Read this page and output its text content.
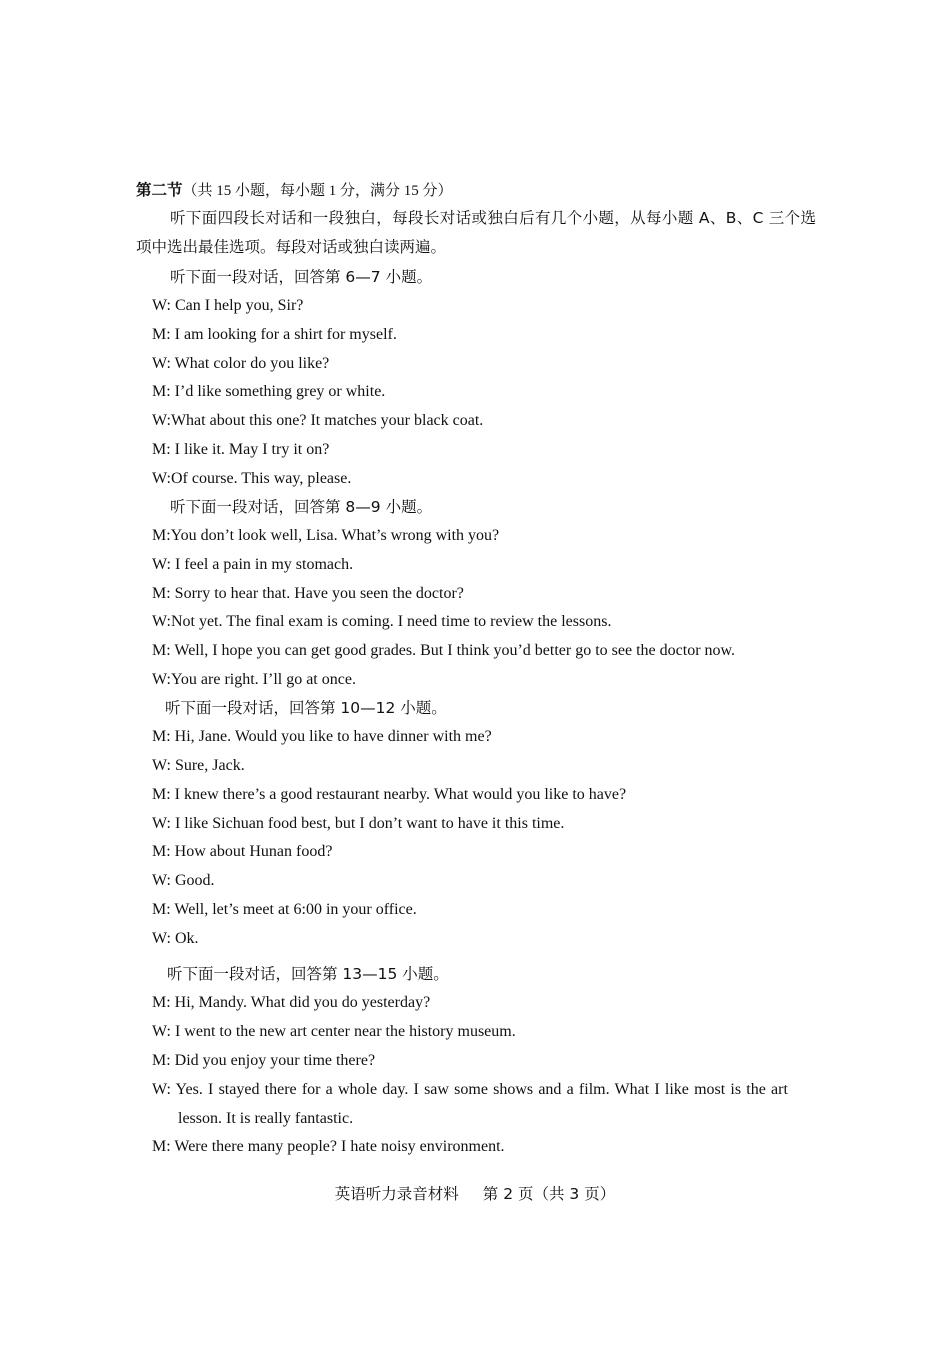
第二节（共 15 小题，每小题 1 分，满分 15 分）
听下面四段长对话和一段独白，每段长对话或独白后有几个小题，从每小题 A、B、C 三个选项中选出最佳选项。每段对话或独白读两遍。
听下面一段对话，回答第 6—7 小题。
W: Can I help you, Sir?
M: I am looking for a shirt for myself.
W: What color do you like?
M: I’d like something grey or white.
W:What about this one? It matches your black coat.
M: I like it. May I try it on?
W:Of course. This way, please.
听下面一段对话，回答第 8—9 小题。
M:You don’t look well, Lisa. What’s wrong with you?
W: I feel a pain in my stomach.
M: Sorry to hear that. Have you seen the doctor?
W:Not yet. The final exam is coming. I need time to review the lessons.
M: Well, I hope you can get good grades. But I think you’d better go to see the doctor now.
W:You are right. I’ll go at once.
听下面一段对话，回答第 10—12 小题。
M: Hi, Jane. Would you like to have dinner with me?
W: Sure, Jack.
M: I knew there’s a good restaurant nearby. What would you like to have?
W: I like Sichuan food best, but I don’t want to have it this time.
M: How about Hunan food?
W: Good.
M: Well, let’s meet at 6:00 in your office.
W: Ok.
听下面一段对话，回答第 13—15 小题。
M: Hi, Mandy. What did you do yesterday?
W: I went to the new art center near the history museum.
M: Did you enjoy your time there?
W: Yes. I stayed there for a whole day. I saw some shows and a film. What I like most is the art
lesson. It is really fantastic.
M: Were there many people? I hate noisy environment.
英语听力录音材料 第 2 页（共 3 页）
